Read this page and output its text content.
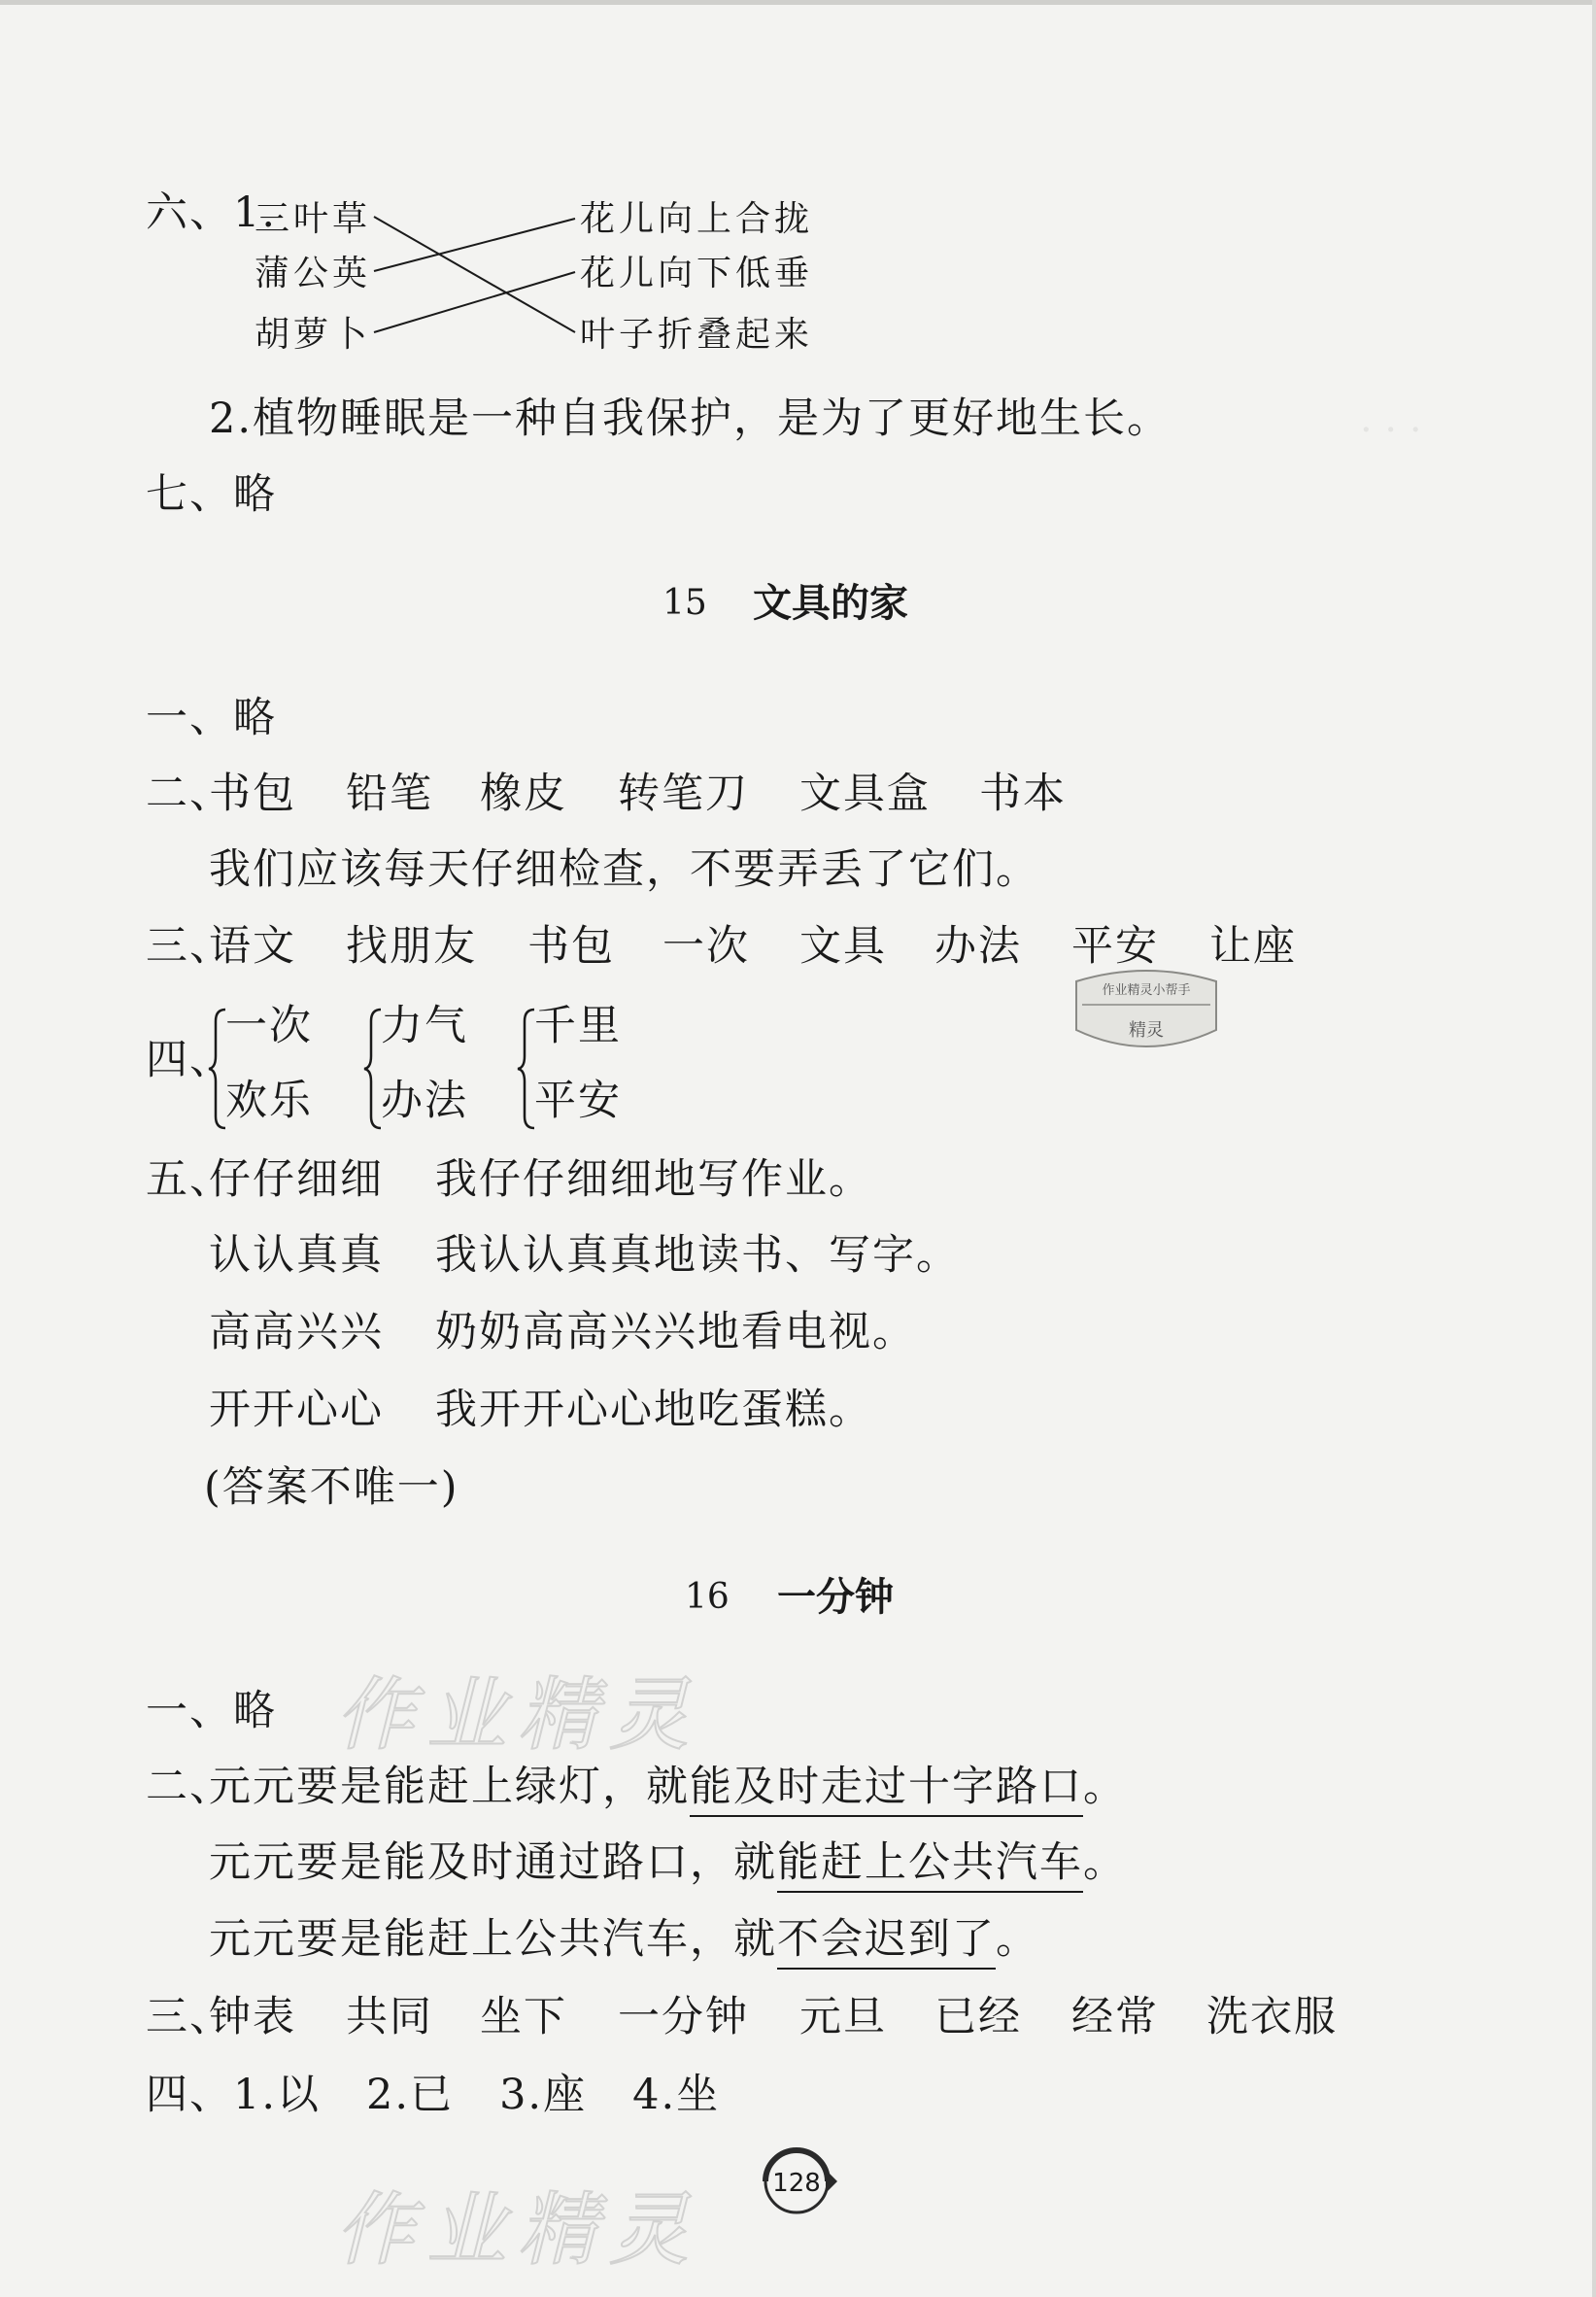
· · ·
六、1.
三叶草
蒲公英
胡萝卜
花儿向上合拢
花儿向下低垂
叶子折叠起来
2.植物睡眠是一种自我保护，是为了更好地生长。
七、略
15 文具的家
一、略
二、
书包 铅笔 橡皮 转笔刀 文具盒 书本
我们应该每天仔细检查，不要弄丢了它们。
三、
语文 找朋友 书包 一次 文具 办法 平安 让座
作业精灵小帮手
精灵
四、
一次
欢乐
力气
办法
千里
平安
五、
仔仔细细 我仔仔细细地写作业。
认认真真 我认认真真地读书、写字。
高高兴兴 奶奶高高兴兴地看电视。
开开心心 我开开心心地吃蛋糕。
(答案不唯一)
16 一分钟
作业精灵
一、略
二、
元元要是能赶上绿灯，就能及时走过十字路口。
元元要是能及时通过路口，就能赶上公共汽车。
元元要是能赶上公共汽车，就不会迟到了。
三、
钟表 共同 坐下 一分钟 元旦 已经 经常 洗衣服
四、1.以   2.已   3.座   4.坐
作业精灵
128
